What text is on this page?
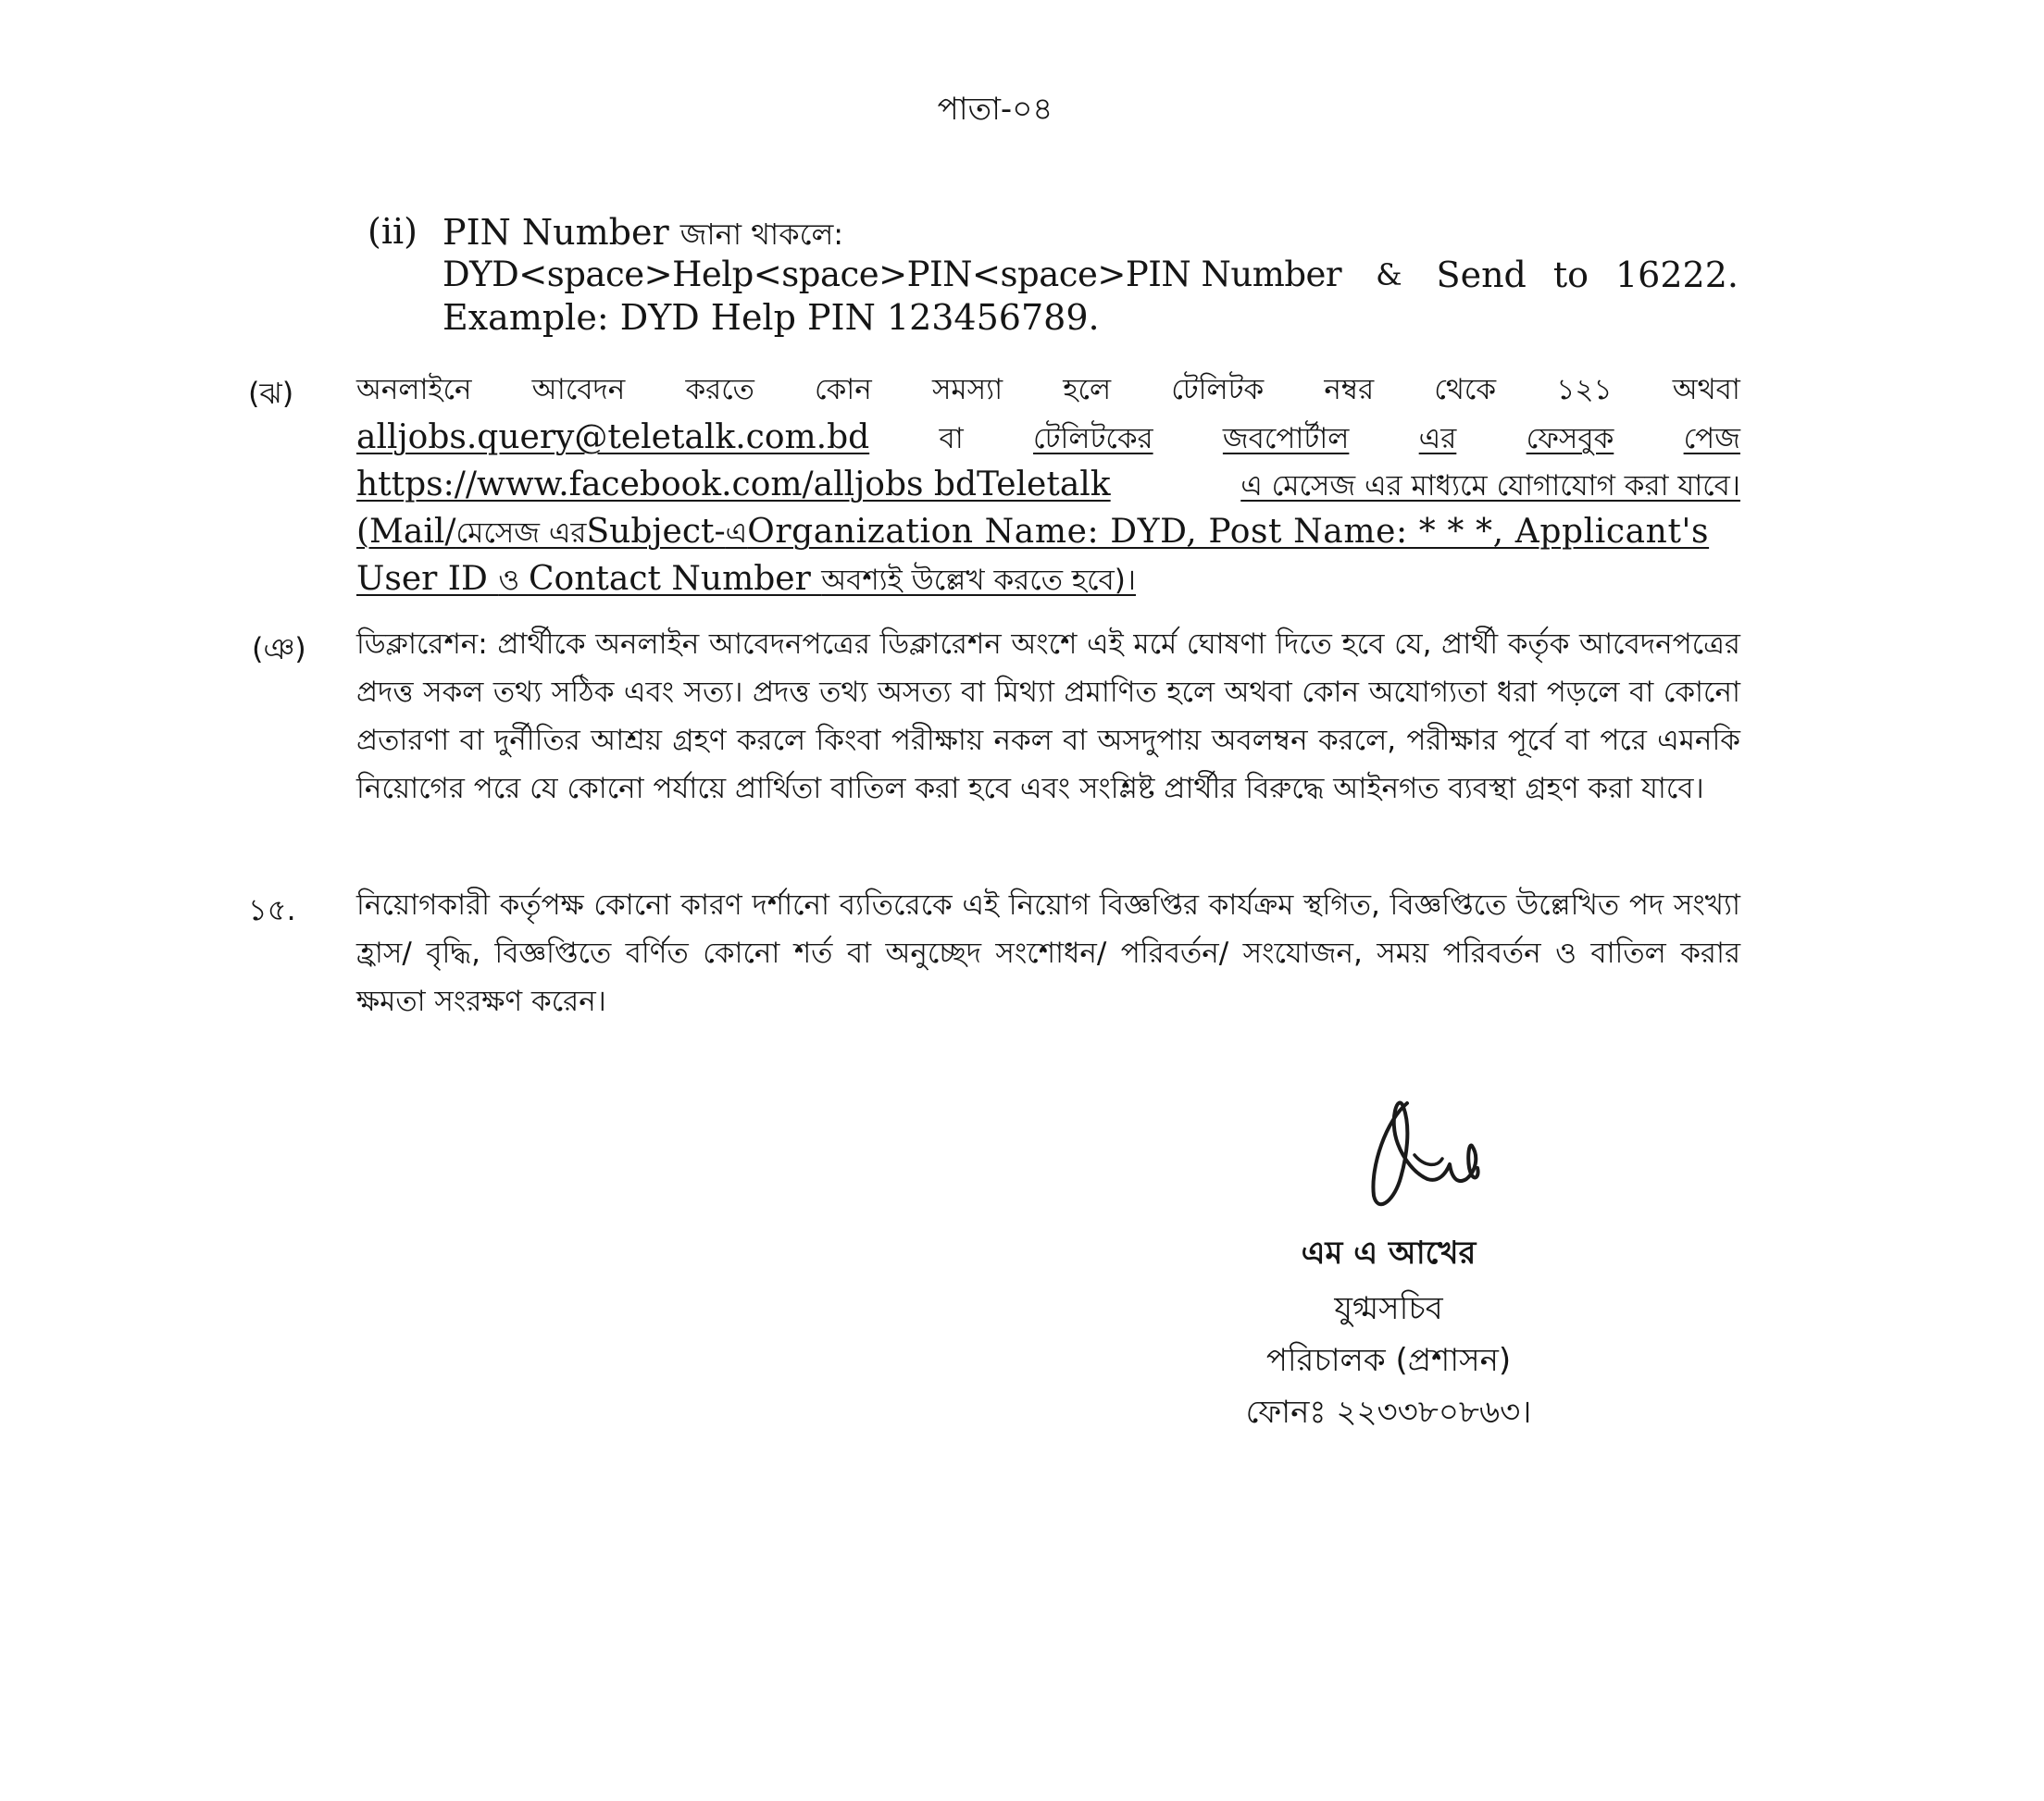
পাতা-০৪
(ii) PIN Number জানা থাকলে:
DYD<space>Help<space>PIN<space>PIN Number & Send to 16222.
Example: DYD Help PIN 123456789.
(ঝ) অনলাইনে আবেদন করতে কোন সমস্যা হলে টেলিটক নম্বর থেকে ১২১ অথবা
alljobs.query@teletalk.com.bd বা টেলিটকের জবপোর্টাল এর ফেসবুক পেজ
https://www.facebook.com/alljobs bdTeletalk	এ মেসেজ এর মাধ্যমে যোগাযোগ করা যাবে।
(Mail/ মেসেজ এর Subject- এ Organization Name: DYD, Post Name: * * *, Applicant's
User ID ও Contact Number অবশ্যই উল্লেখ করতে হবে)।
(ঞ) ডিক্লারেশন: প্রার্থীকে অনলাইন আবেদনপত্রের ডিক্লারেশন অংশে এই মর্মে ঘোষণা দিতে হবে যে, প্রার্থী কর্তৃক আবেদনপত্রের প্রদত্ত সকল তথ্য সঠিক এবং সত্য। প্রদত্ত তথ্য অসত্য বা মিথ্যা প্রমাণিত হলে অথবা কোন অযোগ্যতা ধরা পড়লে বা কোনো প্রতারণা বা দুর্নীতির আশ্রয় গ্রহণ করলে কিংবা পরীক্ষায় নকল বা অসদুপায় অবলম্বন করলে, পরীক্ষার পূর্বে বা পরে এমনকি নিয়োগের পরে যে কোনো পর্যায়ে প্রার্থিতা বাতিল করা হবে এবং সংশ্লিষ্ট প্রার্থীর বিরুদ্ধে আইনগত ব্যবস্থা গ্রহণ করা যাবে।
১৫. নিয়োগকারী কর্তৃপক্ষ কোনো কারণ দর্শানো ব্যতিরেকে এই নিয়োগ বিজ্ঞপ্তির কার্যক্রম স্থগিত, বিজ্ঞপ্তিতে উল্লেখিত পদ সংখ্যা হ্রাস/ বৃদ্ধি, বিজ্ঞপ্তিতে বর্ণিত কোনো শর্ত বা অনুচ্ছেদ সংশোধন/ পরিবর্তন/ সংযোজন, সময় পরিবর্তন ও বাতিল করার ক্ষমতা সংরক্ষণ করেন।
এম এ আখের
যুগ্মসচিব
পরিচালক (প্রশাসন)
ফোনঃ ২২৩৩৮০৮৬৩।
